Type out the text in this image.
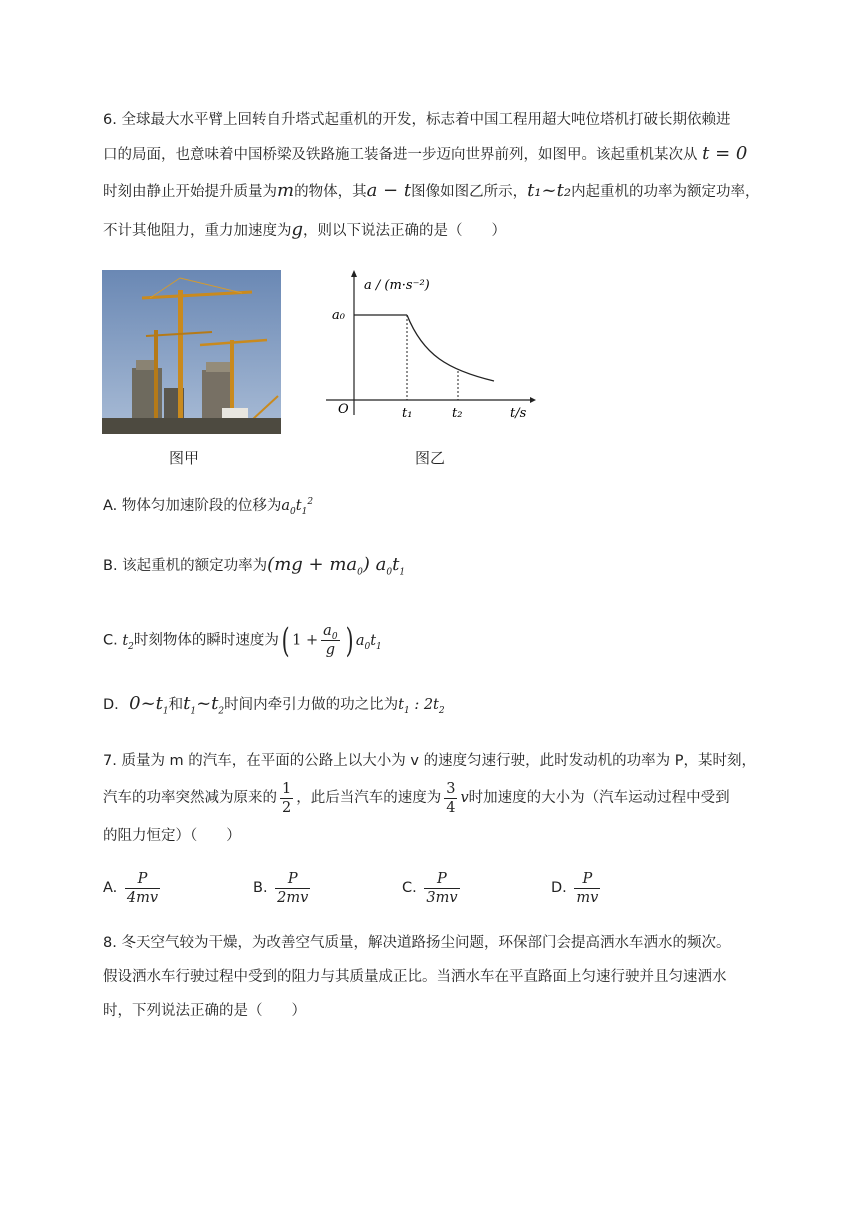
6. 全球最大水平臂上回转自升塔式起重机的开发，标志着中国工程用超大吨位塔机打破长期依赖进
口的局面，也意味着中国桥梁及铁路施工装备进一步迈向世界前列，如图甲。该起重机某次从 t = 0
时刻由静止开始提升质量为m的物体，其a − t图像如图乙所示，t₁~t₂内起重机的功率为额定功率，
不计其他阻力，重力加速度为g，则以下说法正确的是（　　）
图甲
a / (m·s⁻²)
a₀
O	t₁	t₂	t/s
图乙
A. 物体匀加速阶段的位移为$a_0t_1^2$
B. 该起重机的额定功率为$(mg + ma_0)$ $a_0t_1$
C. $t_2$时刻物体的瞬时速度为( $1 + \frac{a_0}{g}$ ) $a_0t_1$
D.  $0\sim t_1$和$t_1\sim t_2$时间内牵引力做的功之比为$t_1$ : $2t_2$
7. 质量为 m 的汽车，在平面的公路上以大小为 v 的速度匀速行驶，此时发动机的功率为 P，某时刻，
汽车的功率突然减为原来的 $\frac{1}{2}$ ，此后当汽车的速度为 $\frac{3}{4}$ v时加速度的大小为（汽车运动过程中受到
的阻力恒定）（　　）
A. $\frac{P}{4mv}$	B. $\frac{P}{2mv}$	C. $\frac{P}{3mv}$	D. $\frac{P}{mv}$
8. 冬天空气较为干燥，为改善空气质量，解决道路扬尘问题，环保部门会提高洒水车洒水的频次。
假设洒水车行驶过程中受到的阻力与其质量成正比。当洒水车在平直路面上匀速行驶并且匀速洒水
时，下列说法正确的是（　　）
